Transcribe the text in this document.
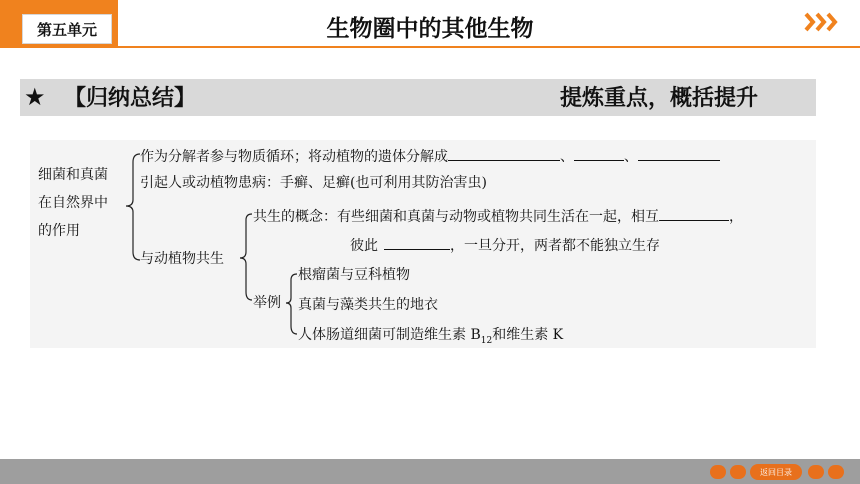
第五单元	生物圈中的其他生物
★ 【归纳总结】	提炼重点，概括提升
细菌和真菌
在自然界中
的作用
作为分解者参与物质循环；将动植物的遗体分解成	、	、
引起人或动植物患病：手癣、足癣(也可利用其防治害虫)
与动植物共生
共生的概念：有些细菌和真菌与动物或植物共同生活在一起，相互	，
彼此	，一旦分开，两者都不能独立生存
举例
根瘤菌与豆科植物
真菌与藻类共生的地衣
人体肠道细菌可制造维生素 $B_{12}$和维生素 K
返回目录
